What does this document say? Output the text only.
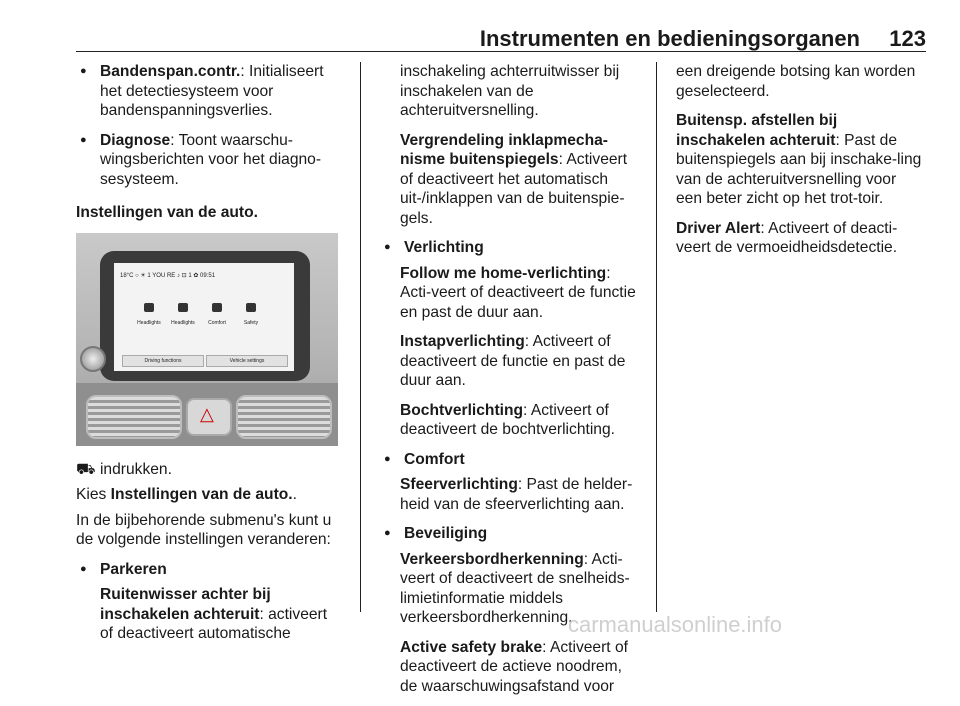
Instrumenten en bedieningsorganen 123
● Bandenspan.contr.: Initialiseert het detectiesysteem voor bandenspanningsverlies.
● Diagnose: Toont waarschu-wingsberichten voor het diagno-sesysteem.

Instellingen van de auto.

18°C ○ ☀ 1 YOU RE ♪ ⊡ 1 ✿ 09:51
Headlights Headlights	Comfort	Safety
Driving functions	Vehicle settings
△

⛟ indrukken.

Kies Instellingen van de auto..

In de bijbehorende submenu's kunt u de volgende instellingen veranderen:

● Parkeren
Ruitenwisser achter bij inschakelen achteruit: activeert of deactiveert automatische

inschakeling achterruitwisser bij inschakelen van de achteruitversnelling.

Vergrendeling inklapmecha-nisme buitenspiegels: Activeert of deactiveert het automatisch uit-/inklappen van de buitenspie-gels.
● Verlichting
Follow me home-verlichting: Acti-veert of deactiveert de functie en past de duur aan.
Instapverlichting: Activeert of deactiveert de functie en past de duur aan.
Bochtverlichting: Activeert of deactiveert de bochtverlichting.
● Comfort
Sfeerverlichting: Past de helder-heid van de sfeerverlichting aan.
● Beveiliging
Verkeersbordherkenning: Acti-veert of deactiveert de snelheids-limietinformatie middels verkeersbordherkenning.
Active safety brake: Activeert of deactiveert de actieve noodrem, de waarschuwingsafstand voor

een dreigende botsing kan worden geselecteerd.

Buitensp. afstellen bij inschakelen achteruit: Past de buitenspiegels aan bij inschake-ling van de achteruitversnelling voor een beter zicht op het trot-toir.

Driver Alert: Activeert of deacti-veert de vermoeidheidsdetectie.

carmanualsonline.info
